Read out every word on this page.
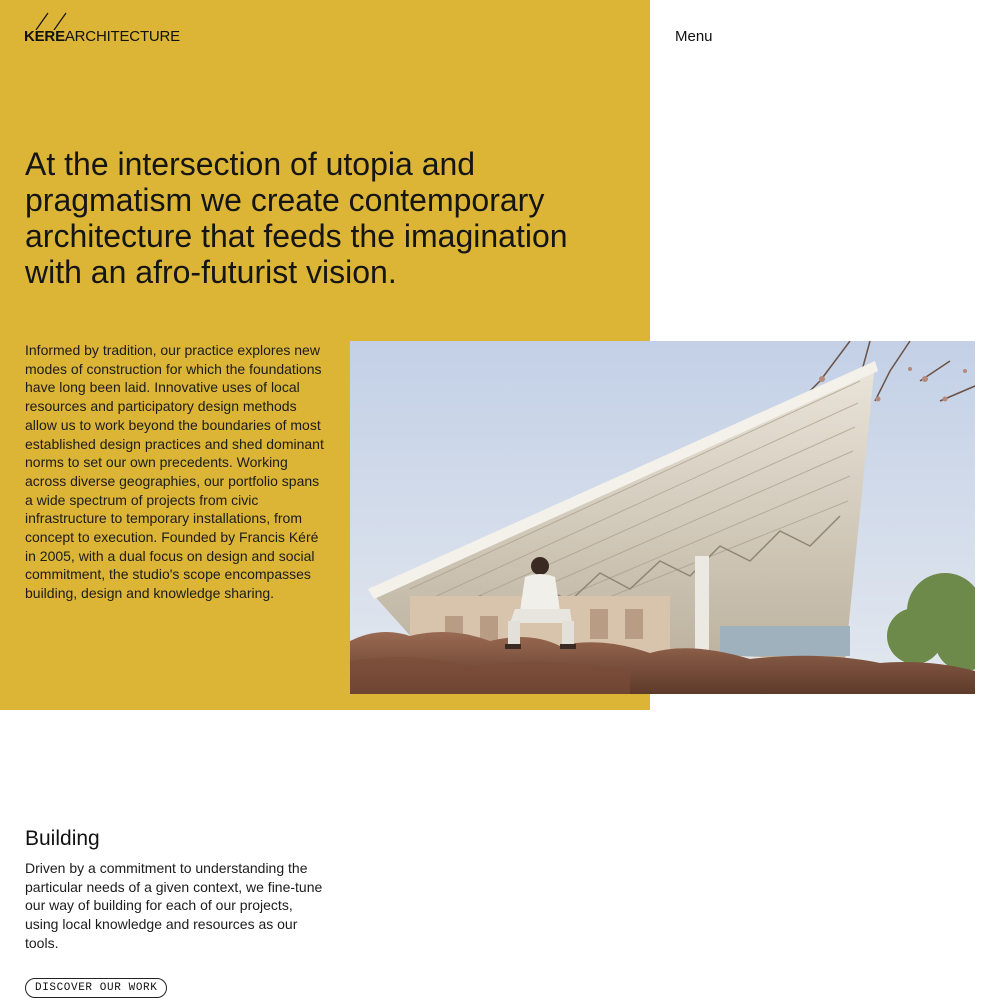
KEREARCHITECTURE	Menu
At the intersection of utopia and pragmatism we create contemporary architecture that feeds the imagination with an afro-futurist vision.

Informed by tradition, our practice explores new modes of construction for which the foundations have long been laid. Innovative uses of local resources and participatory design methods allow us to work beyond the boundaries of most established design practices and shed dominant norms to set our own precedents. Working across diverse geographies, our portfolio spans a wide spectrum of projects from civic infrastructure to temporary installations, from concept to execution. Founded by Francis Kéré in 2005, with a dual focus on design and social commitment, the studio's scope encompasses building, design and knowledge sharing.

Building

Driven by a commitment to understanding the particular needs of a given context, we fine-tune our way of building for each of our projects, using local knowledge and resources as our tools.

DISCOVER OUR WORK
